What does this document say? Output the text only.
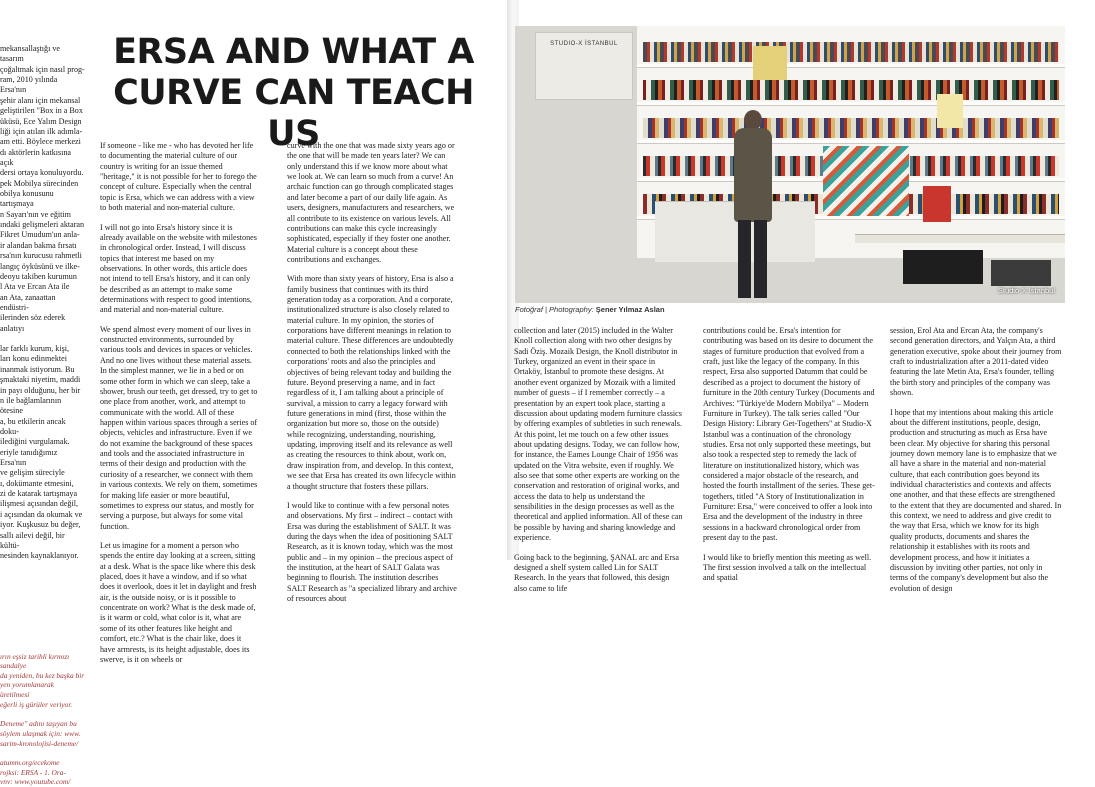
mekansallaştığı ve tasarım
çoğaltmak için nasıl prog-
ram, 2010 yılında Ersa'nın
şehir alanı için mekansal
geliştirilen "Box in a Box
üküsü, Ece Yalım Design
liği için atılan ilk adımla-
am etti. Böylece merkezi
dı aktörlerin katkısına açık
dersi ortaya konuluyordu.
pek Mobilya sürecinden
obilya konusunu tartışmaya
n Sayarı'nın ve eğitim
ındaki gelişmeleri aktaran
Fikret Umudum'un anla-
ir alandan bakma fırsatı
rsa'nın kurucusu rahmetli
langıç öyküsünü ve ilke-
deoyu takiben kurumun
l Ata ve Ercan Ata ile
an Ata, zanaattan endüstri-
ilerinden söz ederek anlatıyı
lar farklı kurum, kişi,
ları konu edinmektei
inanmak istiyorum. Bu
şmaktaki niyetim, maddi
in payı olduğunu, her bir
n ile bağlamlarının ötesine
a, bu etkilerin ancak doku-
ilediğini vurgulamak.
eriyle tanıdığımız Ersa'nın
ve gelişim süreciyle
ı, dokümante etmesini,
zi de katarak tartışmaya
ilişmesi açısından değil,
i açısından da okumak ve
iyor. Kuşkusuz bu değer,
sallı ailevi değil, bir kültü-
nesinden kaynaklanıyor.
ırın eşsiz tarihli kırmızı sandalye
da yeniden, bu kez başka bir
yen yorumlanarak üretilmesi
eğerli iş gürüler veriyor.
Deneme" adını taşıyan bu
söylem ulaşmak için: www.
sarim-kronolojisi-deneme/
atumm.org/ecekome
rojksi: ERSA - 1. Ora-
vnv: www.youtube.com/
ERSA AND WHAT A CURVE CAN TEACH US

If someone - like me - who has devoted her life to documenting the material culture of our country is writing for an issue themed "heritage," it is not possible for her to forego the concept of culture. Especially when the central topic is Ersa, which we can address with a view to both material and non-material culture.

I will not go into Ersa's history since it is already available on the website with milestones in chronological order. Instead, I will discuss topics that interest me based on my observations. In other words, this article does not intend to tell Ersa's history, and it can only be described as an attempt to make some determinations with respect to good intentions, and material and non-material culture.

We spend almost every moment of our lives in constructed environments, surrounded by various tools and devices in spaces or vehicles. And no one lives without these material assets. In the simplest manner, we lie in a bed or on some other form in which we can sleep, take a shower, brush our teeth, get dressed, try to get to one place from another, work, and attempt to communicate with the world. All of these happen within various spaces through a series of objects, vehicles and infrastructure. Even if we do not examine the background of these spaces and tools and the associated infrastructure in terms of their design and production with the curiosity of a researcher, we connect with them in various contexts. We rely on them, sometimes for making life easier or more beautiful, sometimes to express our status, and mostly for serving a purpose, but always for some vital function.

Let us imagine for a moment a person who spends the entire day looking at a screen, sitting at a desk. What is the space like where this desk placed, does it have a window, and if so what does it overlook, does it let in daylight and fresh air, is the outside noisy, or is it possible to concentrate on work? What is the desk made of, is it warm or cold, what color is it, what are some of its other features like height and comfort, etc.? What is the chair like, does it have armrests, is its height adjustable, does its swerve, is it on wheels or

curve with the one that was made sixty years ago or the one that will be made ten years later? We can only understand this if we know more about what we look at. We can learn so much from a curve! An archaic function can go through complicated stages and later become a part of our daily life again. As users, designers, manufacturers and researchers, we all contribute to its existence on various levels. All contributions can make this cycle increasingly sophisticated, especially if they foster one another. Material culture is a concept about these contributions and exchanges.

With more than sixty years of history, Ersa is also a family business that continues with its third generation today as a corporation. And a corporate, institutionalized structure is also closely related to material culture. In my opinion, the stories of corporations have different meanings in relation to material culture. These differences are undoubtedly connected to both the relationships linked with the corporations' roots and also the principles and objectives of being relevant today and building the future. Beyond preserving a name, and in fact regardless of it, I am talking about a principle of survival, a mission to carry a legacy forward with future generations in mind (first, those within the organization but more so, those on the outside) while recognizing, understanding, nourishing, updating, improving itself and its relevance as well as creating the resources to think about, work on, draw inspiration from, and develop. In this context, we see that Ersa has created its own lifecycle within a thought structure that fosters these pillars.

I would like to continue with a few personal notes and observations. My first – indirect – contact with Ersa was during the establishment of SALT. It was during the days when the idea of positioning SALT Research, as it is known today, which was the most public and – in my opinion – the precious aspect of the institution, at the heart of SALT Galata was beginning to flourish. The institution describes SALT Research as "a specialized library and archive of resources about

STUDIO-X İSTANBUL
Studio-X Istanbul
Fotoğraf | Photography: Şener Yılmaz Aslan

collection and later (2015) included in the Walter Knoll collection along with two other designs by Sadi Öziş. Mozaik Design, the Knoll distributor in Turkey, organized an event in their space in Ortaköy, İstanbul to promote these designs. At another event organized by Mozaik with a limited number of guests – if I remember correctly – a presentation by an expert took place, starting a discussion about updating modern furniture classics by offering examples of subtleties in such renewals. At this point, let me touch on a few other issues about updating designs. Today, we can follow how, for instance, the Eames Lounge Chair of 1956 was updated on the Vitra website, even if roughly. We also see that some other experts are working on the conservation and restoration of original works, and access the data to help us understand the sensibilities in the design processes as well as the theoretical and applied information. All of these can be possible by having and sharing knowledge and experience.

Going back to the beginning, ŞANAL arc and Ersa designed a shelf system called Lin for SALT Research. In the years that followed, this design also came to life

contributions could be. Ersa's intention for contributing was based on its desire to document the stages of furniture production that evolved from a craft, just like the legacy of the company. In this respect, Ersa also supported Datumm that could be described as a project to document the history of furniture in the 20th century Turkey (Documents and Archives: "Türkiye'de Modern Mobilya" – Modern Furniture in Turkey). The talk series called "Our Design History: Library Get-Togethers" at Studio-X Istanbul was a continuation of the chronology studies. Ersa not only supported these meetings, but also took a respected step to remedy the lack of literature on institutionalized history, which was considered a major obstacle of the research, and hosted the fourth installment of the series. These get-togethers, titled "A Story of Institutionalization in Furniture: Ersa," were conceived to offer a look into Ersa and the development of the industry in three sessions in a backward chronological order from present day to the past.

I would like to briefly mention this meeting as well. The first session involved a talk on the intellectual and spatial

session, Erol Ata and Ercan Ata, the company's second generation directors, and Yalçın Ata, a third generation executive, spoke about their journey from craft to industrialization after a 2011-dated video featuring the late Metin Ata, Ersa's founder, telling the birth story and principles of the company was shown.

I hope that my intentions about making this article about the different institutions, people, design, production and structuring as much as Ersa have been clear. My objective for sharing this personal journey down memory lane is to emphasize that we all have a share in the material and non-material culture, that each contribution goes beyond its individual characteristics and contexts and affects one another, and that these effects are strengthened to the extent that they are documented and shared. In this context, we need to address and give credit to the way that Ersa, which we know for its high quality products, documents and shares the relationship it establishes with its roots and development process, and how it initiates a discussion by inviting other parties, not only in terms of the company's development but also the evolution of design
